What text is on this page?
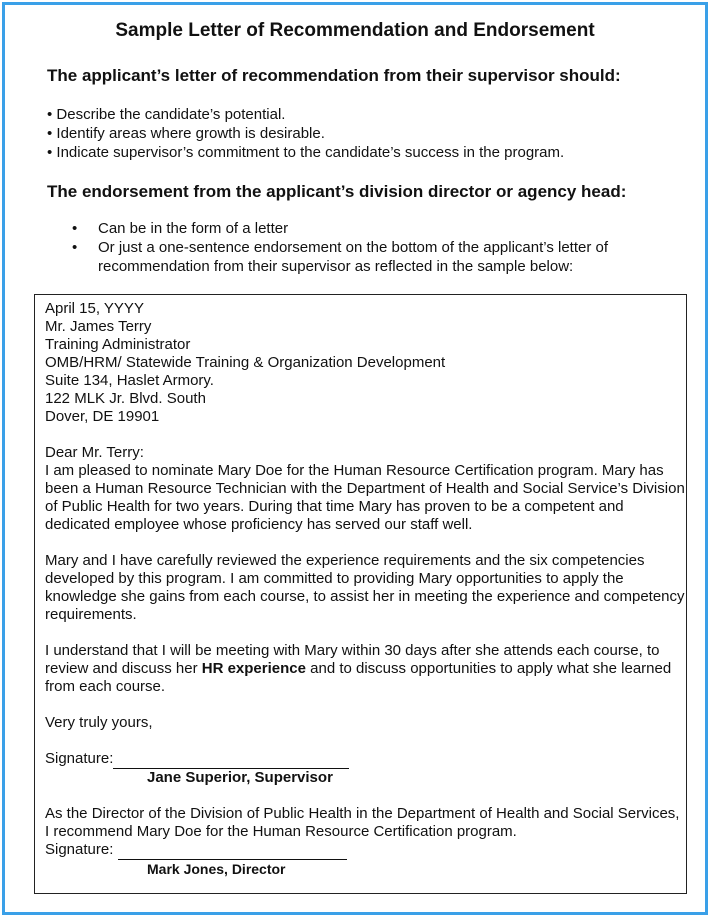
Sample Letter of Recommendation and Endorsement
The applicant’s letter of recommendation from their supervisor should:
• Describe the candidate’s potential.
• Identify areas where growth is desirable.
• Indicate supervisor’s commitment to the candidate’s success in the program.
The endorsement from the applicant’s division director or agency head:
• Can be in the form of a letter
• Or just a one-sentence endorsement on the bottom of the applicant’s letter of recommendation from their supervisor as reflected in the sample below:

April 15, YYYY

Mr. James Terry

Training Administrator

OMB/HRM/ Statewide Training & Organization Development

Suite 134, Haslet Armory.

122 MLK Jr. Blvd. South

Dover, DE 19901

Dear Mr. Terry:

I am pleased to nominate Mary Doe for the Human Resource Certification program. Mary has been a Human Resource Technician with the Department of Health and Social Service’s Division of Public Health for two years. During that time Mary has proven to be a competent and dedicated employee whose proficiency has served our staff well.

Mary and I have carefully reviewed the experience requirements and the six competencies developed by this program. I am committed to providing Mary opportunities to apply the knowledge she gains from each course, to assist her in meeting the experience and competency requirements.

I understand that I will be meeting with Mary within 30 days after she attends each course, to review and discuss her HR experience and to discuss opportunities to apply what she learned from each course.

Very truly yours,

Signature:

Jane Superior, Supervisor

As the Director of the Division of Public Health in the Department of Health and Social Services, I recommend Mary Doe for the Human Resource Certification program.

Signature:

Mark Jones, Director
